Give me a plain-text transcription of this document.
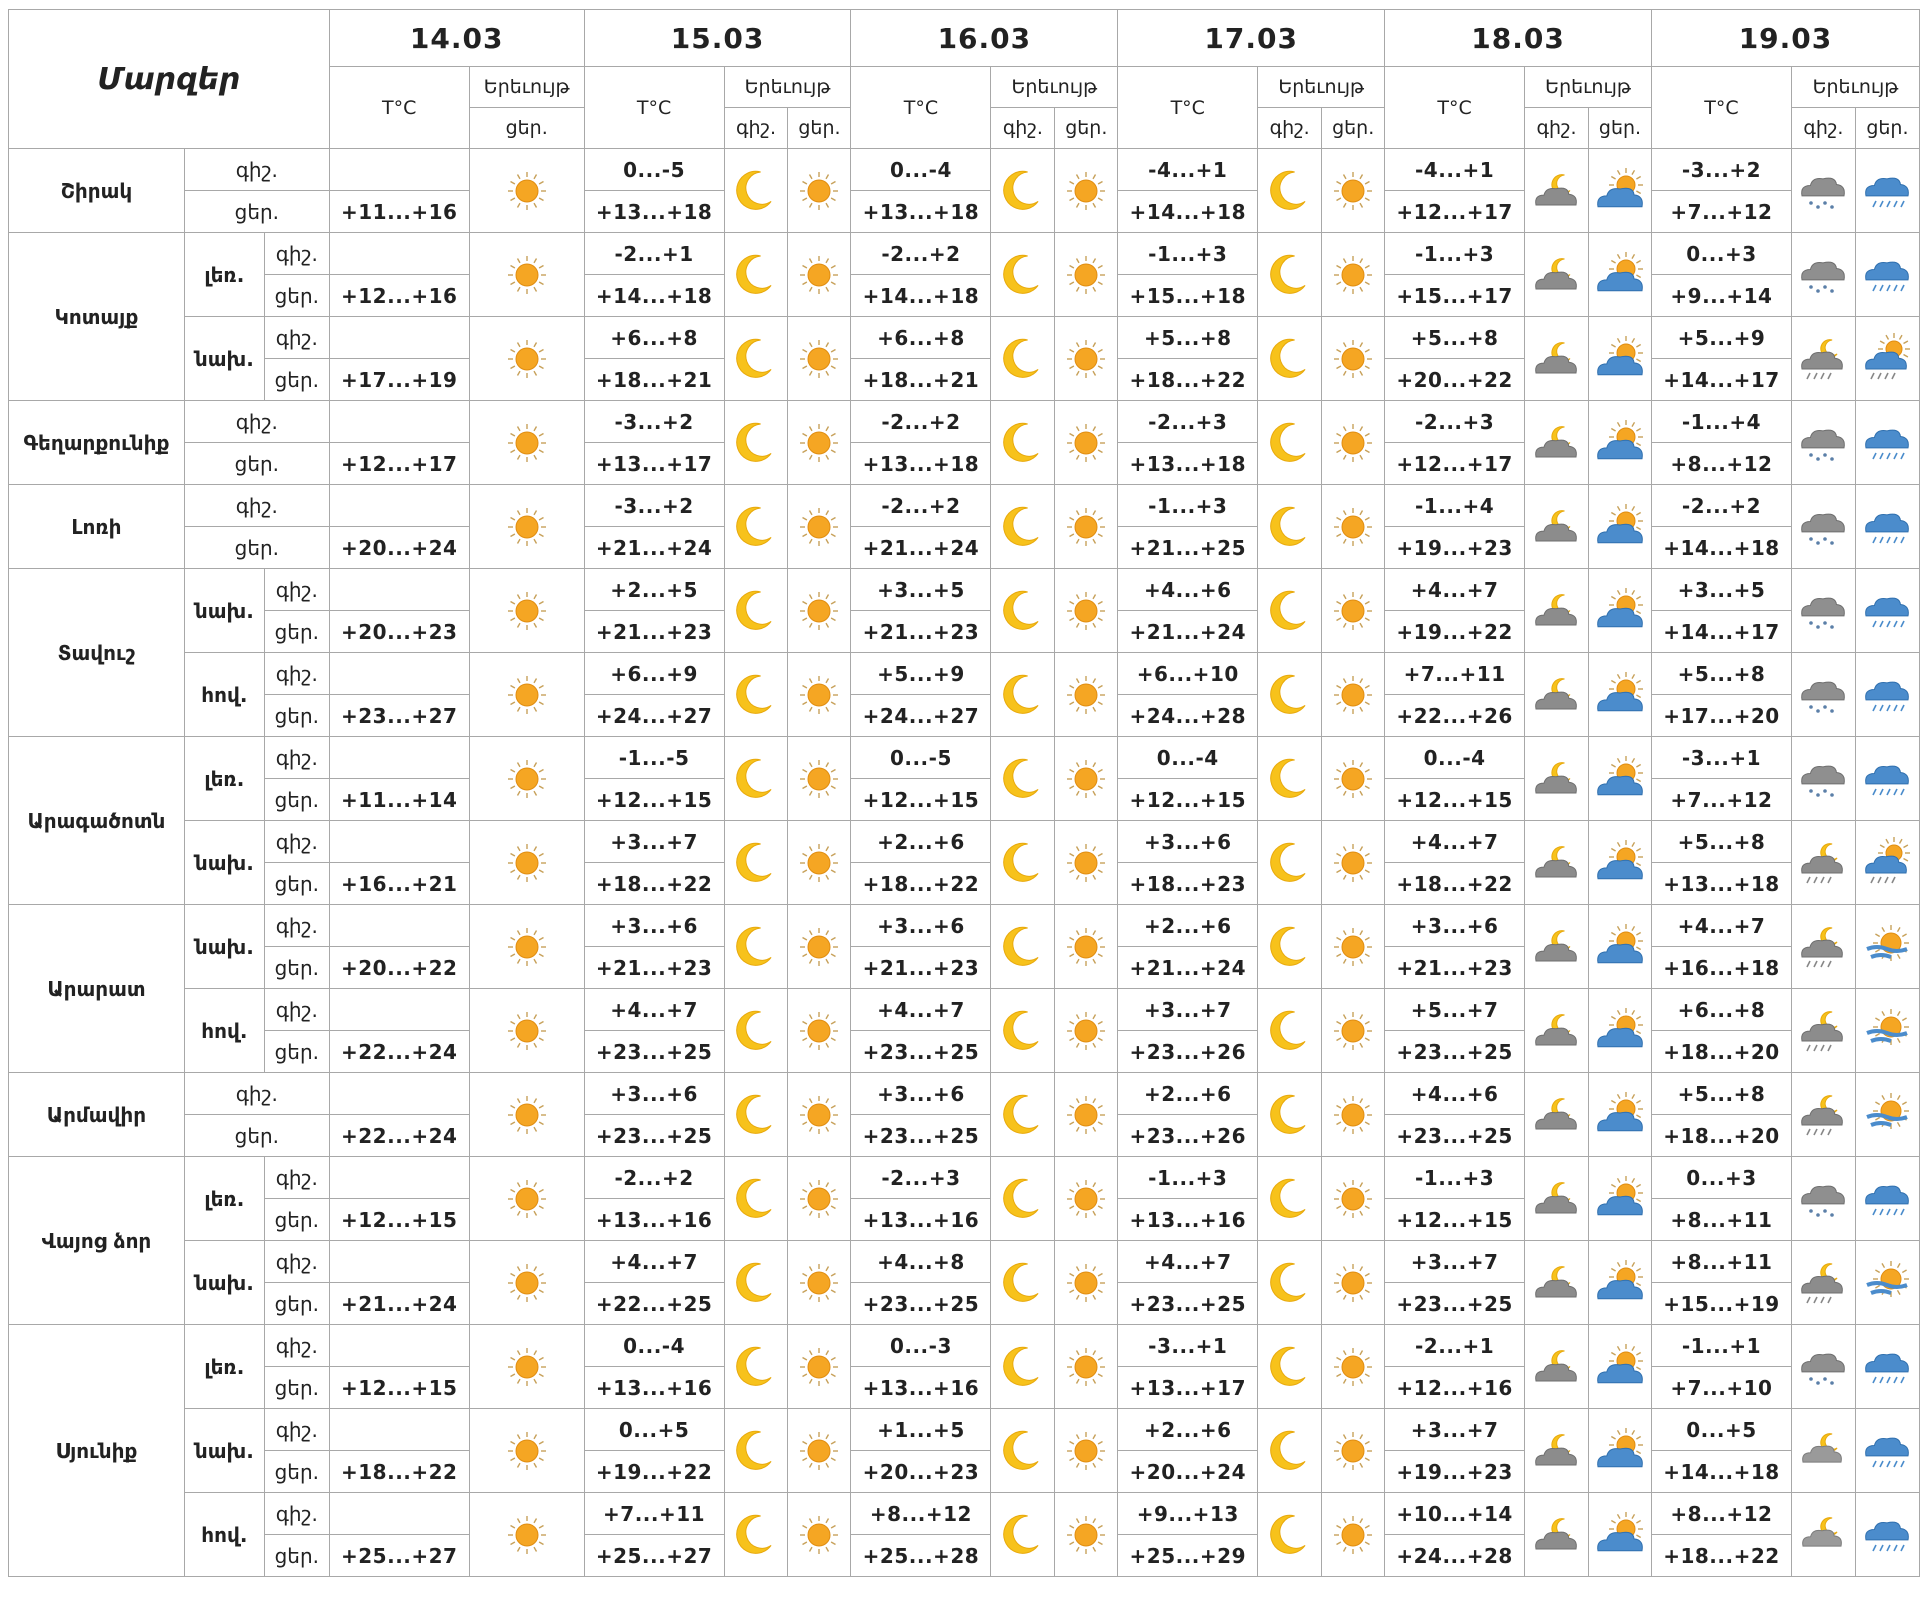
Մարզեր			14.03		15.03			16.03			17.03			18.03			19.03		
			T°C	Երեւույթ	T°C	Երեւույթ		T°C	Երեւույթ		T°C	Երեւույթ		T°C	Երեւույթ		T°C	Երեւույթ	
				ցեր.		գիշ.	ցեր.		գիշ.	ցեր.		գիշ.	ցեր.		գիշ.	ցեր.		գիշ.	ցեր.
Շիրակ	գիշ.				0...-5			0...-4			-4...+1			-4...+1			-3...+2		
	ցեր.		+11...+16		+13...+18			+13...+18			+14...+18			+12...+17			+7...+12		
Կոտայք	լեռ.	գիշ.			-2...+1			-2...+2			-1...+3			-1...+3			0...+3		
		ցեր.	+12...+16		+14...+18			+14...+18			+15...+18			+15...+17			+9...+14		
	նախ.	գիշ.			+6...+8			+6...+8			+5...+8			+5...+8			+5...+9		
		ցեր.	+17...+19		+18...+21			+18...+21			+18...+22			+20...+22			+14...+17		
Գեղարքունիք	գիշ.				-3...+2			-2...+2			-2...+3			-2...+3			-1...+4		
	ցեր.		+12...+17		+13...+17			+13...+18			+13...+18			+12...+17			+8...+12		
Լոռի	գիշ.				-3...+2			-2...+2			-1...+3			-1...+4			-2...+2		
	ցեր.		+20...+24		+21...+24			+21...+24			+21...+25			+19...+23			+14...+18		
Տավուշ	նախ.	գիշ.			+2...+5			+3...+5			+4...+6			+4...+7			+3...+5		
		ցեր.	+20...+23		+21...+23			+21...+23			+21...+24			+19...+22			+14...+17		
	հով.	գիշ.			+6...+9			+5...+9			+6...+10			+7...+11			+5...+8		
		ցեր.	+23...+27		+24...+27			+24...+27			+24...+28			+22...+26			+17...+20		
Արագածոտն	լեռ.	գիշ.			-1...-5			0...-5			0...-4			0...-4			-3...+1		
		ցեր.	+11...+14		+12...+15			+12...+15			+12...+15			+12...+15			+7...+12		
	նախ.	գիշ.			+3...+7			+2...+6			+3...+6			+4...+7			+5...+8		
		ցեր.	+16...+21		+18...+22			+18...+22			+18...+23			+18...+22			+13...+18		
Արարատ	նախ.	գիշ.			+3...+6			+3...+6			+2...+6			+3...+6			+4...+7		
		ցեր.	+20...+22		+21...+23			+21...+23			+21...+24			+21...+23			+16...+18		
	հով.	գիշ.			+4...+7			+4...+7			+3...+7			+5...+7			+6...+8		
		ցեր.	+22...+24		+23...+25			+23...+25			+23...+26			+23...+25			+18...+20		
Արմավիր	գիշ.				+3...+6			+3...+6			+2...+6			+4...+6			+5...+8		
	ցեր.		+22...+24		+23...+25			+23...+25			+23...+26			+23...+25			+18...+20		
Վայոց ձոր	լեռ.	գիշ.			-2...+2			-2...+3			-1...+3			-1...+3			0...+3		
		ցեր.	+12...+15		+13...+16			+13...+16			+13...+16			+12...+15			+8...+11		
	նախ.	գիշ.			+4...+7			+4...+8			+4...+7			+3...+7			+8...+11		
		ցեր.	+21...+24		+22...+25			+23...+25			+23...+25			+23...+25			+15...+19		
Սյունիք	լեռ.	գիշ.			0...-4			0...-3			-3...+1			-2...+1			-1...+1		
		ցեր.	+12...+15		+13...+16			+13...+16			+13...+17			+12...+16			+7...+10		
	նախ.	գիշ.			0...+5			+1...+5			+2...+6			+3...+7			0...+5		
		ցեր.	+18...+22		+19...+22			+20...+23			+20...+24			+19...+23			+14...+18		
	հով.	գիշ.			+7...+11			+8...+12			+9...+13			+10...+14			+8...+12		
		ցեր.	+25...+27		+25...+27			+25...+28			+25...+29			+24...+28			+18...+22		
